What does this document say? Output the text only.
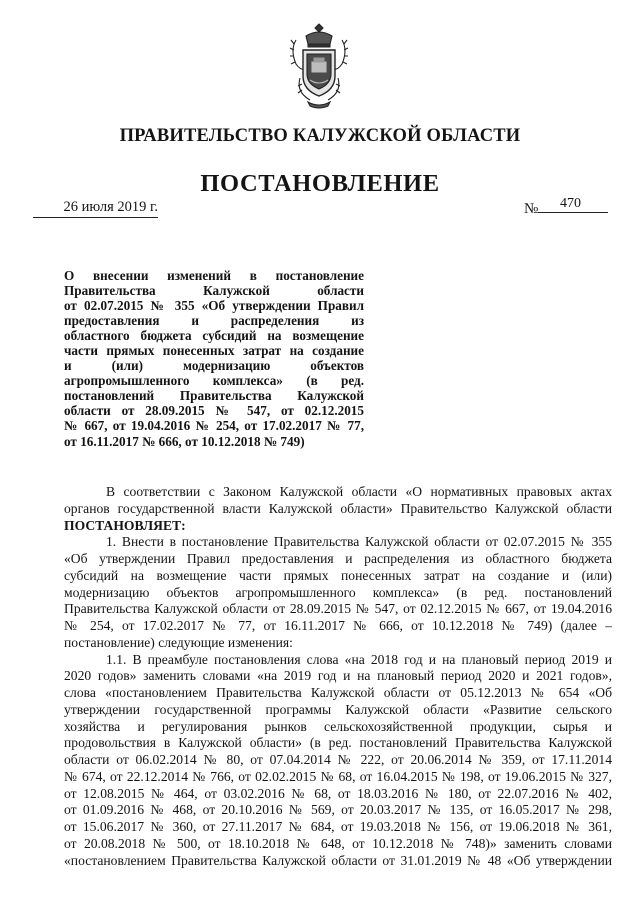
ПРАВИТЕЛЬСТВО КАЛУЖСКОЙ ОБЛАСТИ
ПОСТАНОВЛЕНИЕ
26 июля 2019 г.	№ 470
О внесении изменений в постановление
Правительства Калужской области
от 02.07.2015 № 355 «Об утверждении Правил
предоставления и распределения из
областного бюджета субсидий на возмещение
части прямых понесенных затрат на создание
и (или) модернизацию объектов
агропромышленного комплекса» (в ред.
постановлений Правительства Калужской
области от 28.09.2015 № 547, от 02.12.2015
№ 667, от 19.04.2016 № 254, от 17.02.2017 № 77,
от 16.11.2017 № 666, от 10.12.2018 № 749)
В соответствии с Законом Калужской области «О нормативных правовых актах
органов государственной власти Калужской области» Правительство Калужской области
ПОСТАНОВЛЯЕТ:
1. Внести в постановление Правительства Калужской области от 02.07.2015 № 355
«Об утверждении Правил предоставления и распределения из областного бюджета
субсидий на возмещение части прямых понесенных затрат на создание и (или)
модернизацию объектов агропромышленного комплекса» (в ред. постановлений
Правительства Калужской области от 28.09.2015 № 547, от 02.12.2015 № 667, от 19.04.2016
№ 254, от 17.02.2017 № 77, от 16.11.2017 № 666, от 10.12.2018 № 749) (далее –
постановление) следующие изменения:
1.1. В преамбуле постановления слова «на 2018 год и на плановый период 2019 и
2020 годов» заменить словами «на 2019 год и на плановый период 2020 и 2021 годов»,
слова «постановлением Правительства Калужской области от 05.12.2013 № 654 «Об
утверждении государственной программы Калужской области «Развитие сельского
хозяйства и регулирования рынков сельскохозяйственной продукции, сырья и
продовольствия в Калужской области» (в ред. постановлений Правительства Калужской
области от 06.02.2014 № 80, от 07.04.2014 № 222, от 20.06.2014 № 359, от 17.11.2014
№ 674, от 22.12.2014 № 766, от 02.02.2015 № 68, от 16.04.2015 № 198, от 19.06.2015 № 327,
от 12.08.2015 № 464, от 03.02.2016 № 68, от 18.03.2016 № 180, от 22.07.2016 № 402,
от 01.09.2016 № 468, от 20.10.2016 № 569, от 20.03.2017 № 135, от 16.05.2017 № 298,
от 15.06.2017 № 360, от 27.11.2017 № 684, от 19.03.2018 № 156, от 19.06.2018 № 361,
от 20.08.2018 № 500, от 18.10.2018 № 648, от 10.12.2018 № 748)» заменить словами
«постановлением Правительства Калужской области от 31.01.2019 № 48 «Об утверждении
